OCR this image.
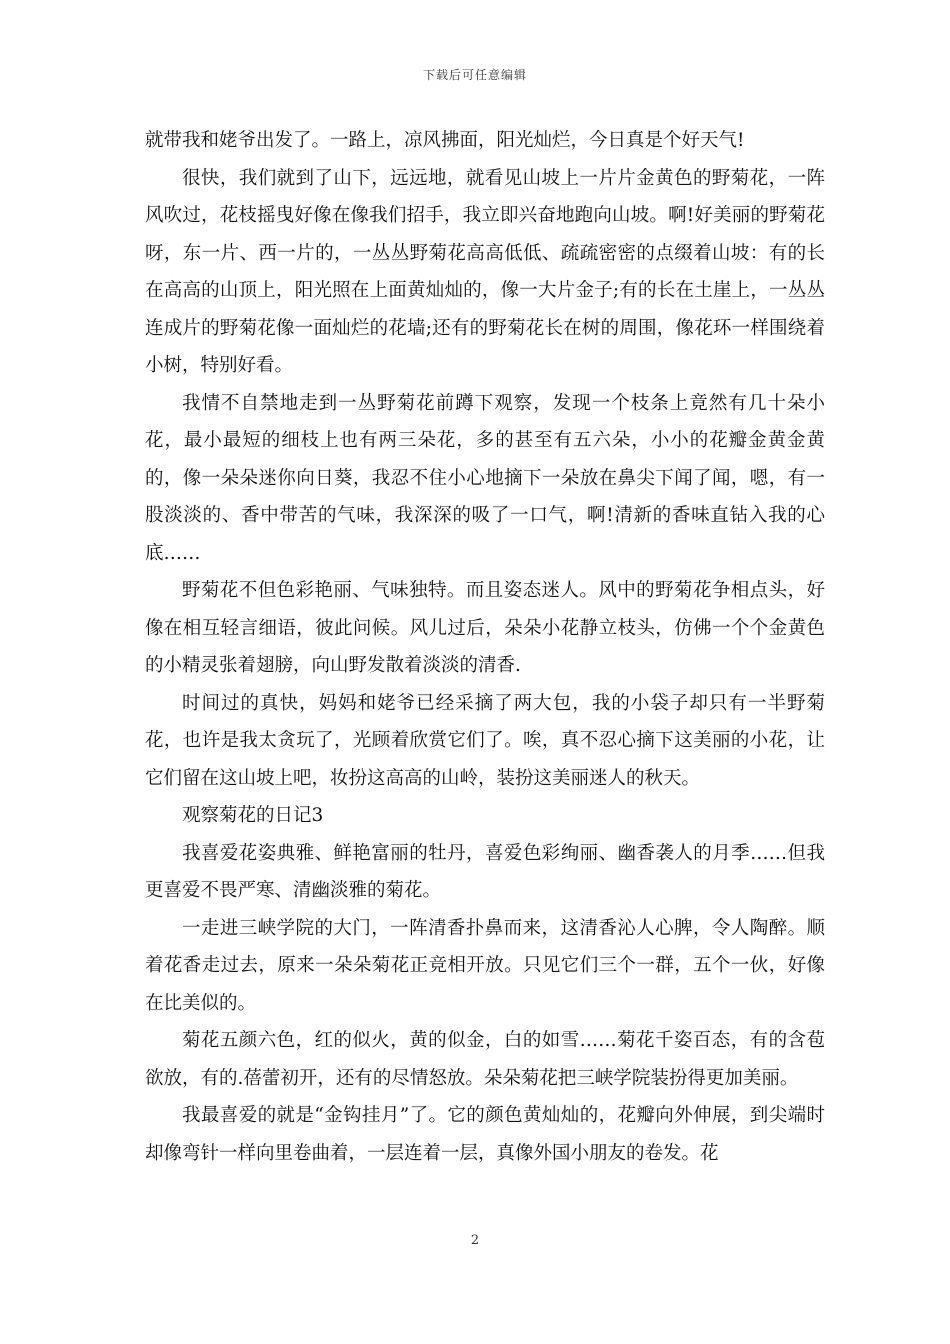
下载后可任意编辑

就带我和姥爷出发了。一路上，凉风拂面，阳光灿烂，今日真是个好天气!

很快，我们就到了山下，远远地，就看见山坡上一片片金黄色的野菊花，一阵风吹过，花枝摇曳好像在像我们招手，我立即兴奋地跑向山坡。啊!好美丽的野菊花呀，东一片、西一片的，一丛丛野菊花高高低低、疏疏密密的点缀着山坡：有的长在高高的山顶上，阳光照在上面黄灿灿的，像一大片金子;有的长在土崖上，一丛丛连成片的野菊花像一面灿烂的花墙;还有的野菊花长在树的周围，像花环一样围绕着小树，特别好看。

我情不自禁地走到一丛野菊花前蹲下观察，发现一个枝条上竟然有几十朵小花，最小最短的细枝上也有两三朵花，多的甚至有五六朵，小小的花瓣金黄金黄的，像一朵朵迷你向日葵，我忍不住小心地摘下一朵放在鼻尖下闻了闻，嗯，有一股淡淡的、香中带苦的气味，我深深的吸了一口气，啊!清新的香味直钻入我的心底……

野菊花不但色彩艳丽、气味独特。而且姿态迷人。风中的野菊花争相点头，好像在相互轻言细语，彼此问候。风儿过后，朵朵小花静立枝头，仿佛一个个金黄色的小精灵张着翅膀，向山野发散着淡淡的清香.

时间过的真快，妈妈和姥爷已经采摘了两大包，我的小袋子却只有一半野菊花，也许是我太贪玩了，光顾着欣赏它们了。唉，真不忍心摘下这美丽的小花，让它们留在这山坡上吧，妆扮这高高的山岭，装扮这美丽迷人的秋天。

观察菊花的日记3

我喜爱花姿典雅、鲜艳富丽的牡丹，喜爱色彩绚丽、幽香袭人的月季……但我更喜爱不畏严寒、清幽淡雅的菊花。

一走进三峡学院的大门，一阵清香扑鼻而来，这清香沁人心脾，令人陶醉。顺着花香走过去，原来一朵朵菊花正竞相开放。只见它们三个一群，五个一伙，好像在比美似的。

菊花五颜六色，红的似火，黄的似金，白的如雪……菊花千姿百态，有的含苞欲放，有的.蓓蕾初开，还有的尽情怒放。朵朵菊花把三峡学院装扮得更加美丽。

我最喜爱的就是“金钩挂月”了。它的颜色黄灿灿的，花瓣向外伸展，到尖端时却像弯针一样向里卷曲着，一层连着一层，真像外国小朋友的卷发。花

2
